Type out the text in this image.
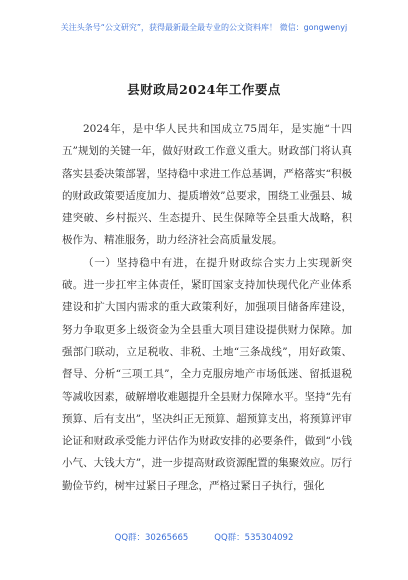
关注头条号“公文研究”，获得最新最全最专业的公文资料库！ 微信：gongwenyj
县财政局2024年工作要点

2024年，是中华人民共和国成立75周年，是实施“十四五”规划的关键一年，做好财政工作意义重大。财政部门将认真落实县委决策部署，坚持稳中求进工作总基调，严格落实“积极的财政政策要适度加力、提质增效”总要求，围绕工业强县、城建突破、乡村振兴、生态提升、民生保障等全县重大战略，积极作为、精准服务，助力经济社会高质量发展。

（一）坚持稳中有进，在提升财政综合实力上实现新突破。进一步扛牢主体责任，紧盯国家支持加快现代化产业体系建设和扩大国内需求的重大政策利好，加强项目储备库建设，努力争取更多上级资金为全县重大项目建设提供财力保障。加强部门联动，立足税收、非税、土地“三条战线”，用好政策、督导、分析“三项工具”，全力克服房地产市场低迷、留抵退税等减收因素，破解增收难题提升全县财力保障水平。坚持“先有预算、后有支出”，坚决纠正无预算、超预算支出，将预算评审论证和财政承受能力评估作为财政安排的必要条件，做到“小钱小气、大钱大方”，进一步提高财政资源配置的集聚效应。厉行勤俭节约，树牢过紧日子理念，严格过紧日子执行，强化

QQ群：30265665	QQ群：535304092
